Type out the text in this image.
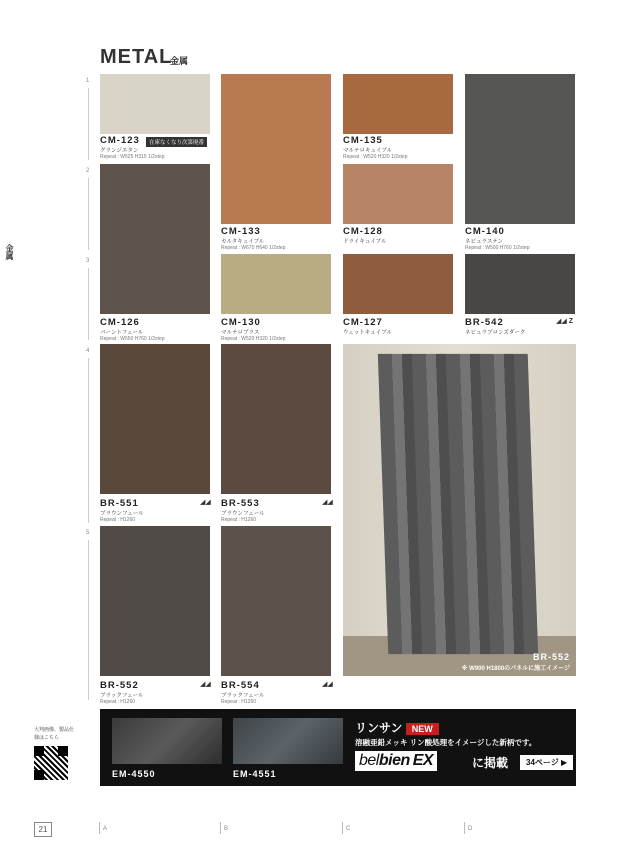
METAL
金属
金属
1
2
3
4
5
CM-123	在庫なくなり次第廃番
グランジエタン
Repeat : W525 H315 1/2step
CM-133
カルタキュイブル
Repeat : W670 H640 1/2step
CM-135
マルテロキュイブル
Repeat : W520 H320 1/2step
CM-140
ネビュラステン
Repeat : W500 H760 1/2step
CM-128
ドライキュイブル
CM-126
バーントフェール
Repeat : W550 H760 1/2step
CM-130
マルテロブラス
Repeat : W520 H320 1/2step
CM-127
ウェットキュイブル
BR-542	◢◢ Z
ネビュラブロンズダーク
BR-551	◢◢
ブラウンフェール
Repeat : H1260
BR-553	◢◢
ブラウンフェール
Repeat : H1260
BR-552	◢◢
ブラックフェール
Repeat : H1260
BR-554	◢◢
ブラックフェール
Repeat : H1260
BR-552
※ W900 H1800のパネルに施工イメージ
EM-4550	EM-4551
リンサン NEW
溶融亜鉛メッキ リン酸処理をイメージした新柄です。
belbien EX	に掲載	34ページ ▶
大判画像、製品仕様はこちら
21	A	B	C	D
